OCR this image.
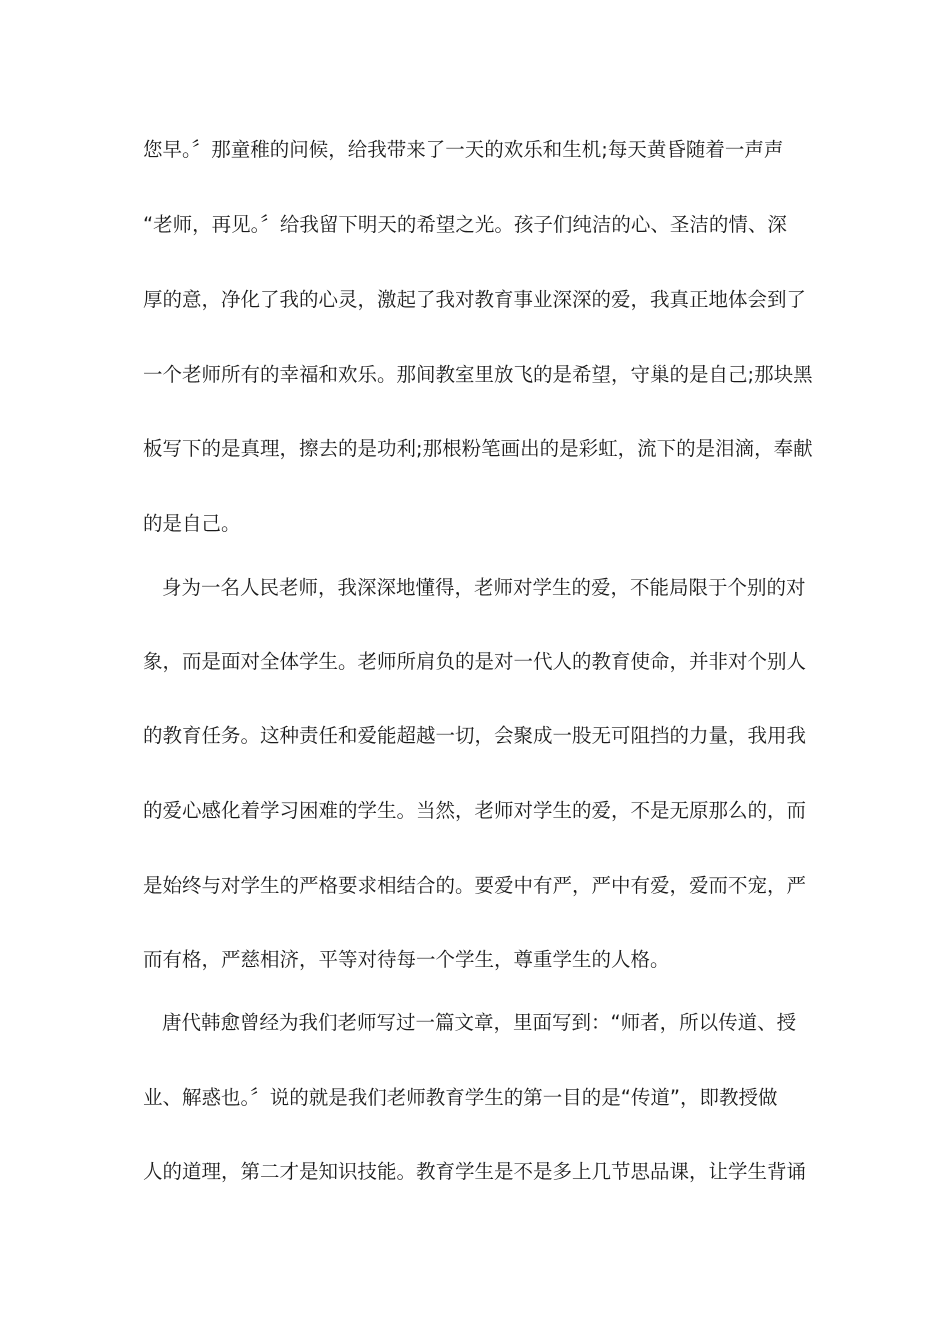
您早。〞那童稚的问候，给我带来了一天的欢乐和生机;每天黄昏随着一声声
“老师，再见。〞给我留下明天的希望之光。孩子们纯洁的心、圣洁的情、深
厚的意，净化了我的心灵，激起了我对教育事业深深的爱，我真正地体会到了
一个老师所有的幸福和欢乐。那间教室里放飞的是希望，守巢的是自己;那块黑
板写下的是真理，擦去的是功利;那根粉笔画出的是彩虹，流下的是泪滴，奉献
的是自己。
身为一名人民老师，我深深地懂得，老师对学生的爱，不能局限于个别的对
象，而是面对全体学生。老师所肩负的是对一代人的教育使命，并非对个别人
的教育任务。这种责任和爱能超越一切，会聚成一股无可阻挡的力量，我用我
的爱心感化着学习困难的学生。当然，老师对学生的爱，不是无原那么的，而
是始终与对学生的严格要求相结合的。要爱中有严，严中有爱，爱而不宠，严
而有格，严慈相济，平等对待每一个学生，尊重学生的人格。
唐代韩愈曾经为我们老师写过一篇文章，里面写到：“师者，所以传道、授
业、解惑也。〞说的就是我们老师教育学生的第一目的是“传道”，即教授做
人的道理，第二才是知识技能。教育学生是不是多上几节思品课，让学生背诵
